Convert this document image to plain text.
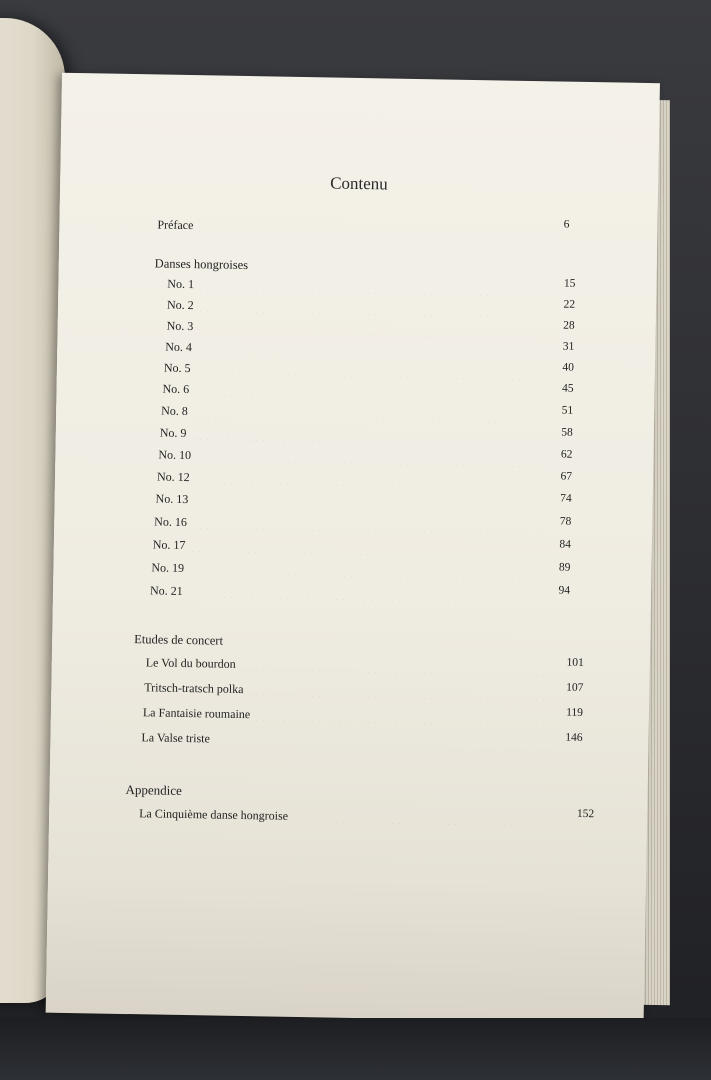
Contenu
Préface	6
Danses hongroises
No. 1	15
No. 2	22
No. 3	28
No. 4	31
No. 5	40
No. 6	45
No. 8	51
No. 9	58
No. 10	62
No. 12	67
No. 13	74
No. 16	78
No. 17	84
No. 19	89
No. 21	94
Etudes de concert
Le Vol du bourdon	101
Tritsch-tratsch polka	107
La Fantaisie roumaine	119
La Valse triste	146
Appendice
La Cinquième danse hongroise	152
